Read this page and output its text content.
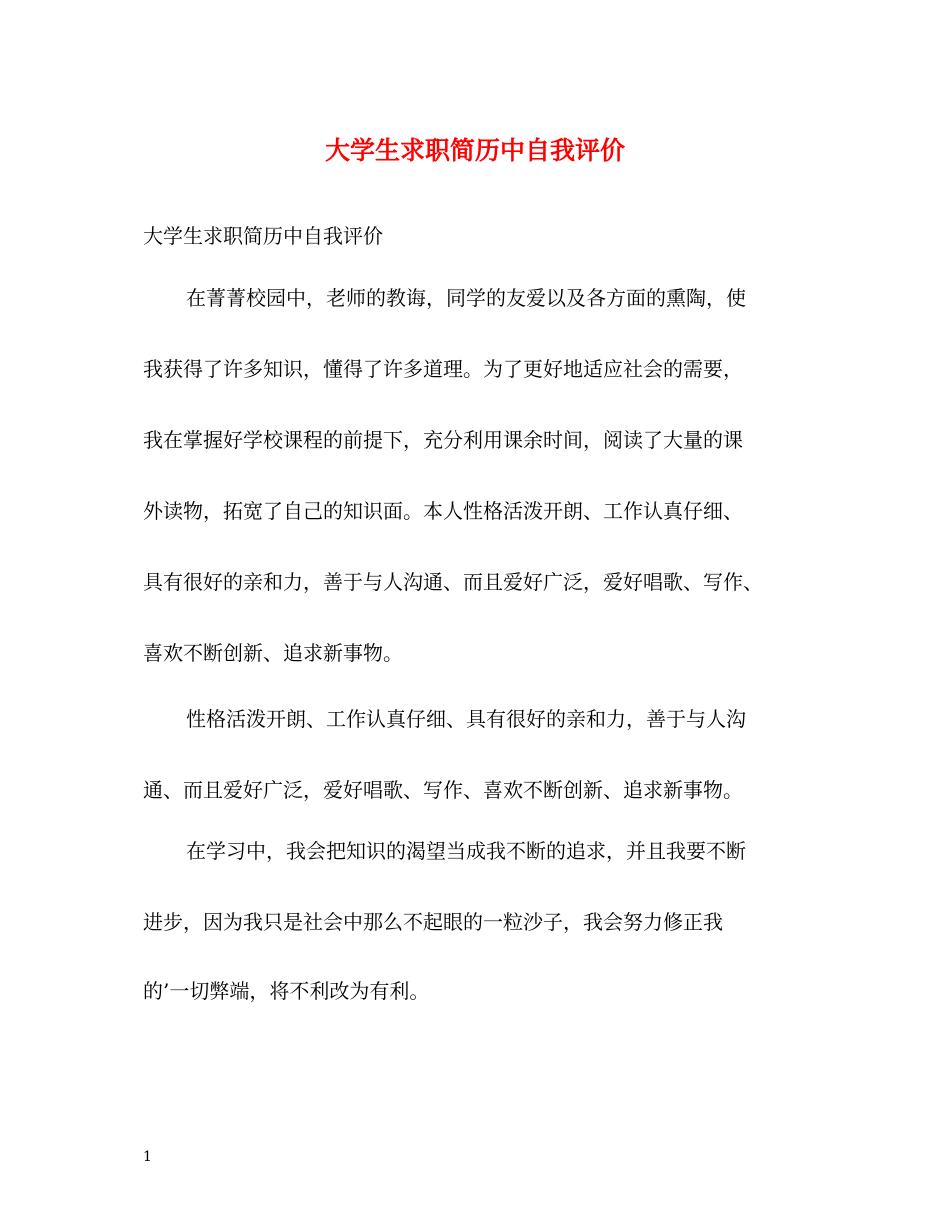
大学生求职简历中自我评价
大学生求职简历中自我评价
在菁菁校园中，老师的教诲，同学的友爱以及各方面的熏陶，使
我获得了许多知识，懂得了许多道理。为了更好地适应社会的需要，
我在掌握好学校课程的前提下，充分利用课余时间，阅读了大量的课
外读物，拓宽了自己的知识面。本人性格活泼开朗、工作认真仔细、
具有很好的亲和力，善于与人沟通、而且爱好广泛，爱好唱歌、写作、
喜欢不断创新、追求新事物。
性格活泼开朗、工作认真仔细、具有很好的亲和力，善于与人沟
通、而且爱好广泛，爱好唱歌、写作、喜欢不断创新、追求新事物。
在学习中，我会把知识的渴望当成我不断的追求，并且我要不断
进步，因为我只是社会中那么不起眼的一粒沙子，我会努力修正我
的’一切弊端，将不利改为有利。
1
